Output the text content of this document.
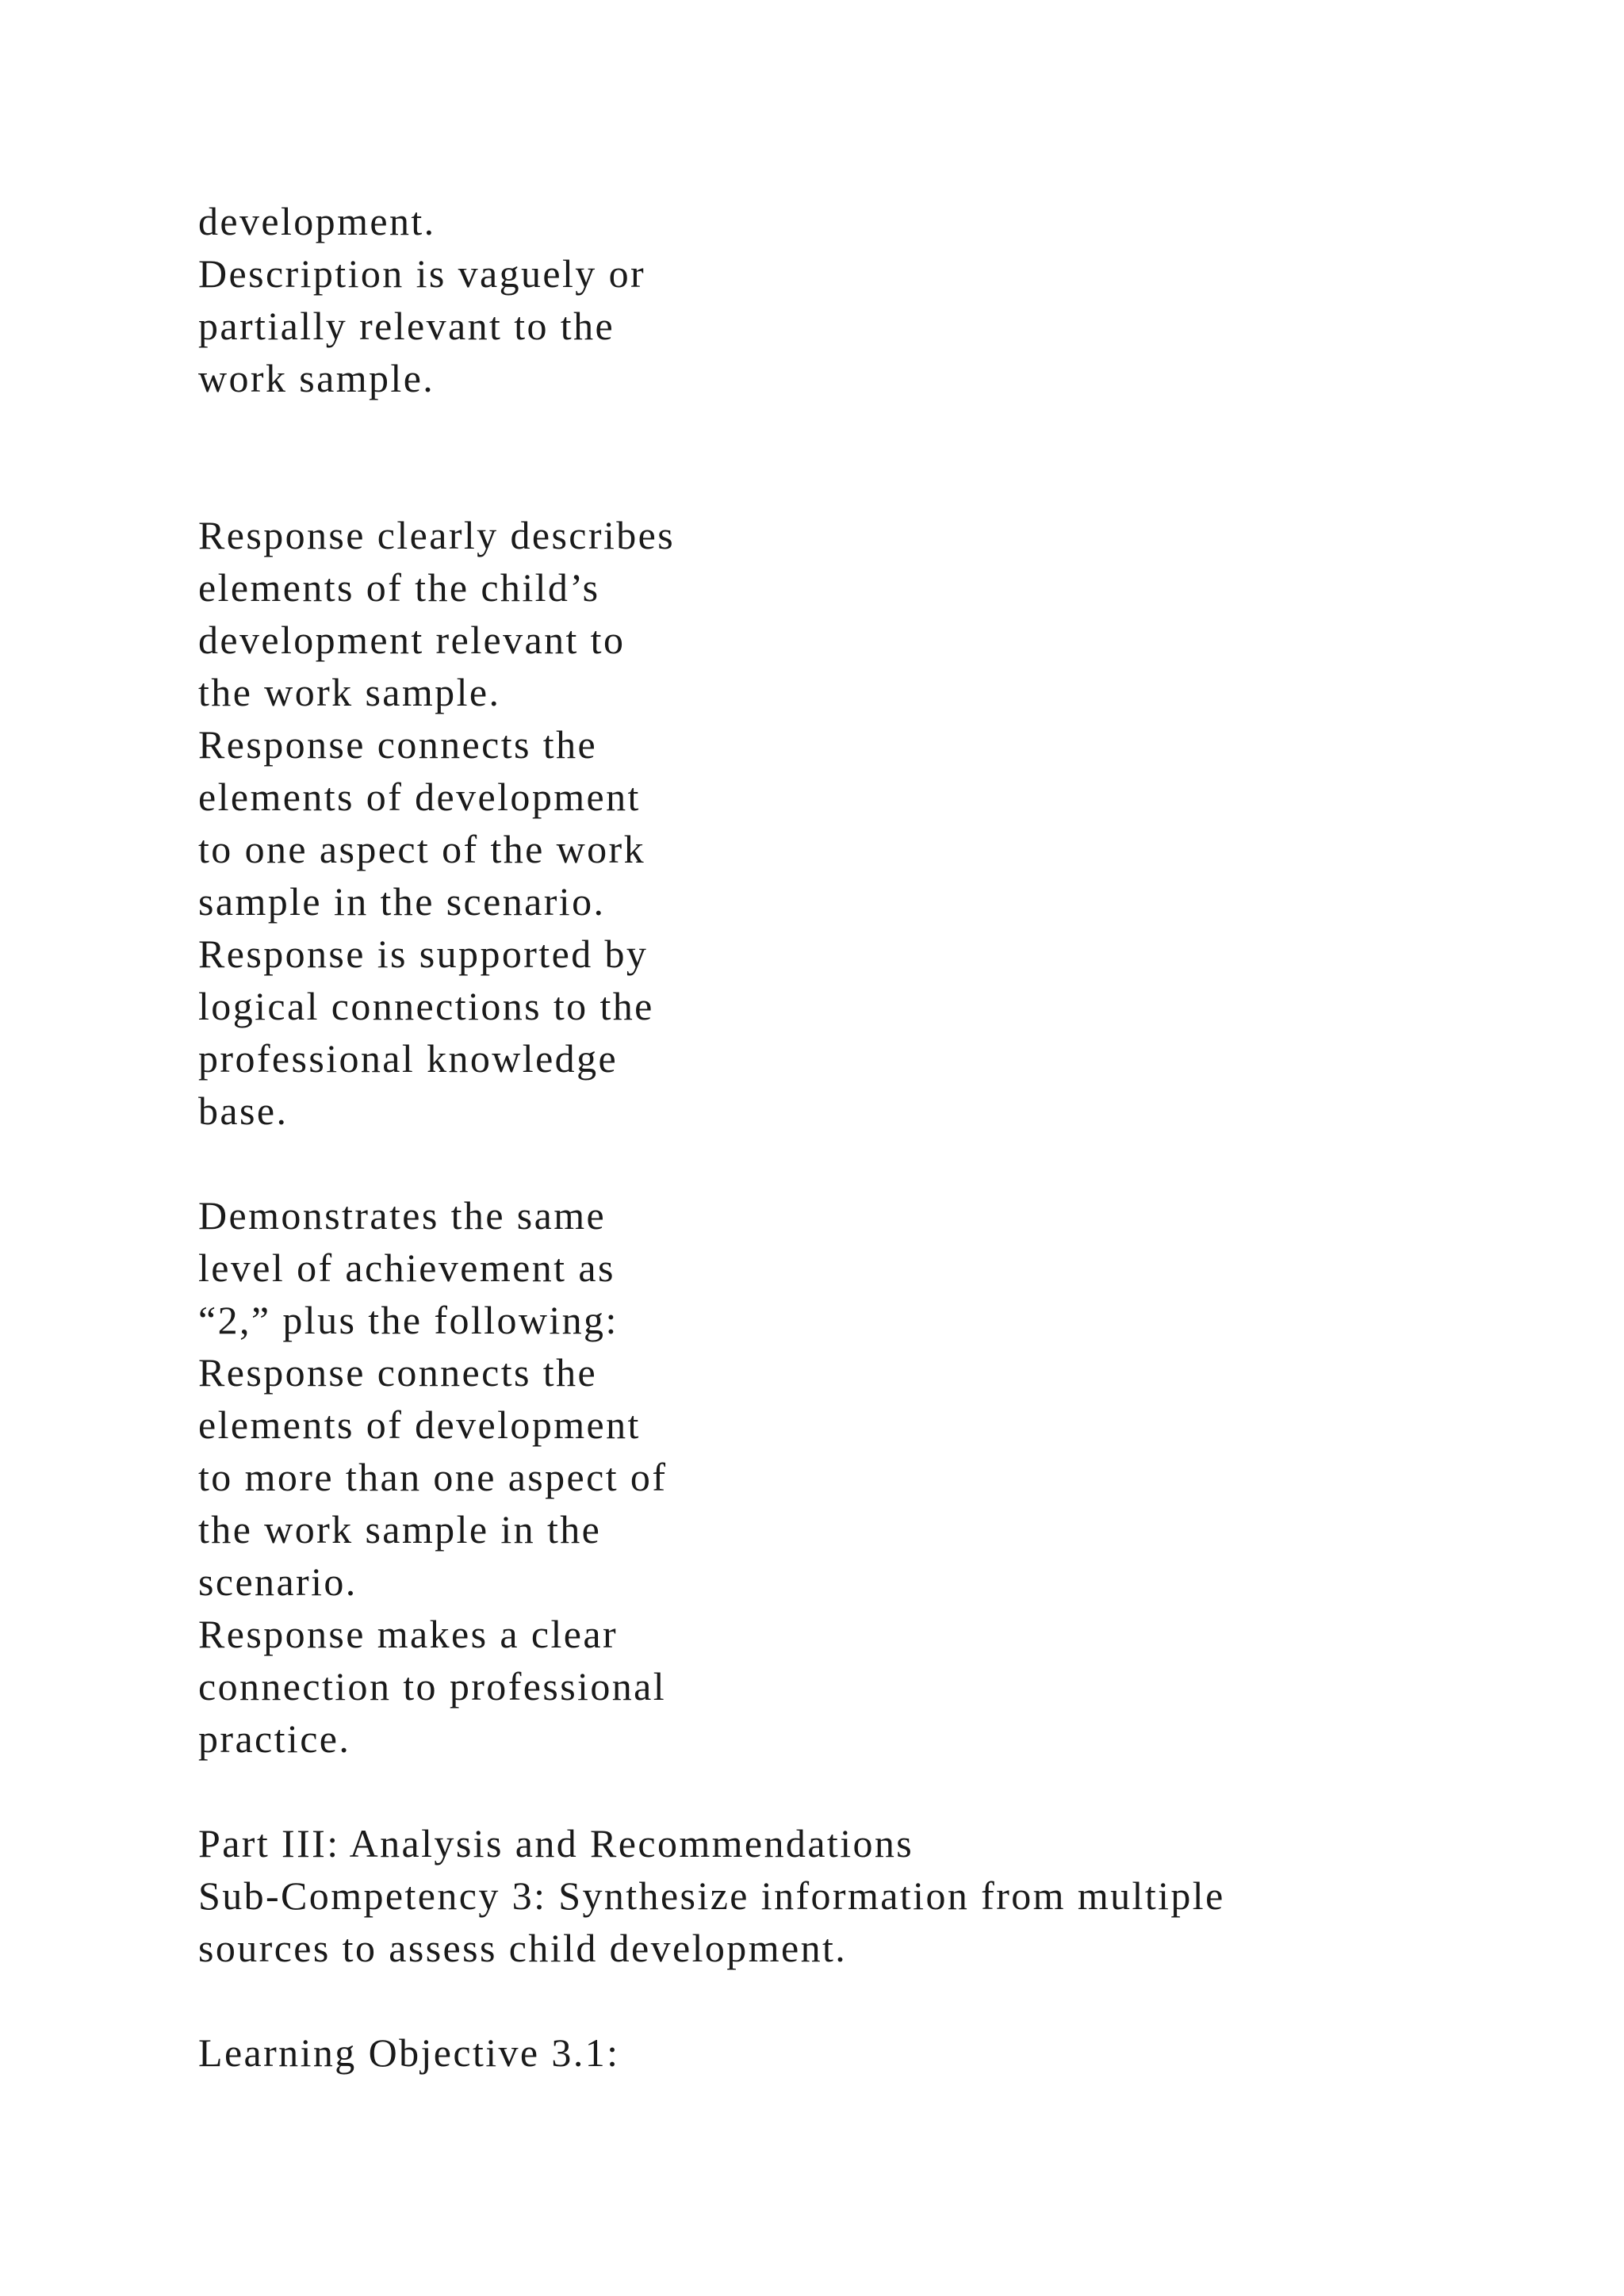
development.
Description is vaguely or
partially relevant to the
work sample.
Response clearly describes
elements of the child’s
development relevant to
the work sample.
Response connects the
elements of development
to one aspect of the work
sample in the scenario.
Response is supported by
logical connections to the
professional knowledge
base.
Demonstrates the same
level of achievement as
“2,” plus the following:
Response connects the
elements of development
to more than one aspect of
the work sample in the
scenario.
Response makes a clear
connection to professional
practice.
Part III: Analysis and Recommendations
Sub-Competency 3: Synthesize information from multiple
sources to assess child development.
Learning Objective 3.1:
